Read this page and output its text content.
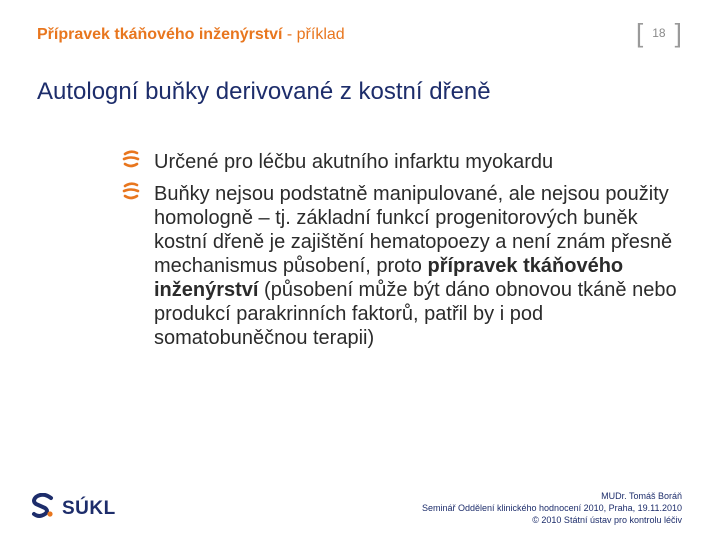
Přípravek tkáňového inženýrství - příklad	[ 18 ]
Autologní buňky derivované z kostní dřeně
Určené pro léčbu akutního infarktu myokardu
Buňky nejsou podstatně manipulované, ale nejsou použity homologně – tj. základní funkcí progenitorových buněk kostní dřeně je zajištění hematopoezy a není znám přesně mechanismus působení, proto přípravek tkáňového inženýrství (působení může být dáno obnovou tkáně nebo produkcí parakrinních faktorů, patřil by i pod somatobuněčnou terapii)
SÚKL
MUDr. Tomáš Boráň
Seminář Oddělení klinického hodnocení 2010, Praha, 19.11.2010
© 2010 Státní ústav pro kontrolu léčiv
